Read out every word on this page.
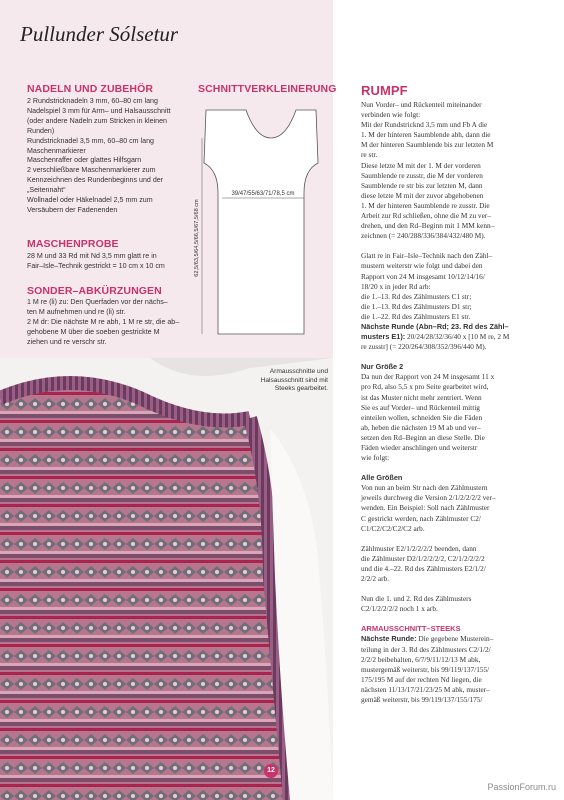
Pullunder Sólsetur
NADELN UND ZUBEHÖR
2 Rundstricknadeln 3 mm, 60–80 cm lang
Nadelspiel 3 mm für Arm– und Halsausschnitt
(oder andere Nadeln zum Stricken in kleinen
Runden)
Rundstricknadel 3,5 mm, 60–80 cm lang
Maschenmarkierer
Maschenraffer oder glattes Hilfsgarn
2 verschließbare Maschenmarkierer zum
Kennzeichnen des Rundenbeginns und der
„Seitennaht“
Wollnadel oder Häkelnadel 2,5 mm zum
Versäubern der Fadenenden
MASCHENPROBE
28 M und 33 Rd mit Nd 3,5 mm glatt re in
Fair–Isle–Technik gestrickt = 10 cm x 10 cm
SONDER–ABKÜRZUNGEN
1 M re (li) zu: Den Querfaden vor der nächs–
ten M aufnehmen und re (li) str.
2 M dr: Die nächste M re abh, 1 M re str, die ab–
gehobene M über die soeben gestrickte M
ziehen und re verschr str.
SCHNITTVERKLEINERUNG
39/47/55/63/71/78,5 cm
62,5/63,5/64,5/66,5/67,5/68 cm
Armausschnitte und
Halsausschnitt sind mit
Steeks gearbeitet.
RUMPF

Nun Vorder– und Rückenteil miteinander

verbinden wie folgt:

Mit der Rundstricknd 3,5 mm und Fb A die

1. M der hinteren Saumblende abh, dann die

M der hinteren Saumblende bis zur letzten M

re str.

Diese letzte M mit der 1. M der vorderen

Saumblende re zusstr, die M der vorderen

Saumblende re str bis zur letzten M, dann

diese letzte M mit der zuvor abgehobenen

1. M der hinteren Saumblende re zusstr. Die

Arbeit zur Rd schließen, ohne die M zu ver–

drehen, und den Rd–Beginn mit 1 MM kenn–

zeichnen (= 240/288/336/384/432/480 M).

Glatt re in Fair–Isle–Technik nach den Zähl–

mustern weiterstr wie folgt und dabei den

Rapport von 24 M insgesamt 10/12/14/16/

18/20 x in jeder Rd arb:

die 1.–13. Rd des Zählmusters C1 str;

die 1.–13. Rd des Zählmusters D1 str;

die 1.–22. Rd des Zählmusters E1 str.

Nächste Runde (Abn–Rd; 23. Rd des Zähl–

musters E1): 20/24/28/32/36/40 x [10 M re, 2 M

re zusstr] (= 220/264/308/352/396/440 M).

Nur Größe 2

Da nun der Rapport von 24 M insgesamt 11 x

pro Rd, also 5,5 x pro Seite gearbeitet wird,

ist das Muster nicht mehr zentriert. Wenn

Sie es auf Vorder– und Rückenteil mittig

einteilen wollen, schneiden Sie die Fäden

ab, heben die nächsten 19 M ab und ver–

setzen den Rd–Beginn an diese Stelle. Die

Fäden wieder anschlingen und weiterstr

wie folgt:

Alle Größen

Von nun an beim Str nach den Zählmustern

jeweils durchweg die Version 2/1/2/2/2/2 ver–

wenden. Ein Beispiel: Soll nach Zählmuster

C gestrickt werden, nach Zählmuster C2/

C1/C2/C2/C2/C2 arb.

Zählmuster E2/1/2/2/2/2 beenden, dann

die Zählmuster D2/1/2/2/2/2, C2/1/2/2/2/2

und die 4.–22. Rd des Zählmusters E2/1/2/

2/2/2 arb.

Nun die 1. und 2. Rd des Zählmusters

C2/1/2/2/2/2 noch 1 x arb.

ARMAUSSCHNITT–STEEKS

Nächste Runde: Die gegebene Musterein–

teilung in der 3. Rd des Zählmusters C2/1/2/

2/2/2 beibehalten, 6/7/9/11/12/13 M abk,

mustergemäß weiterstr, bis 99/119/137/155/

175/195 M auf der rechten Nd liegen, die

nächsten 11/13/17/21/23/25 M abk, muster–

gemäß weiterstr, bis 99/119/137/155/175/

12
PassionForum.ru
